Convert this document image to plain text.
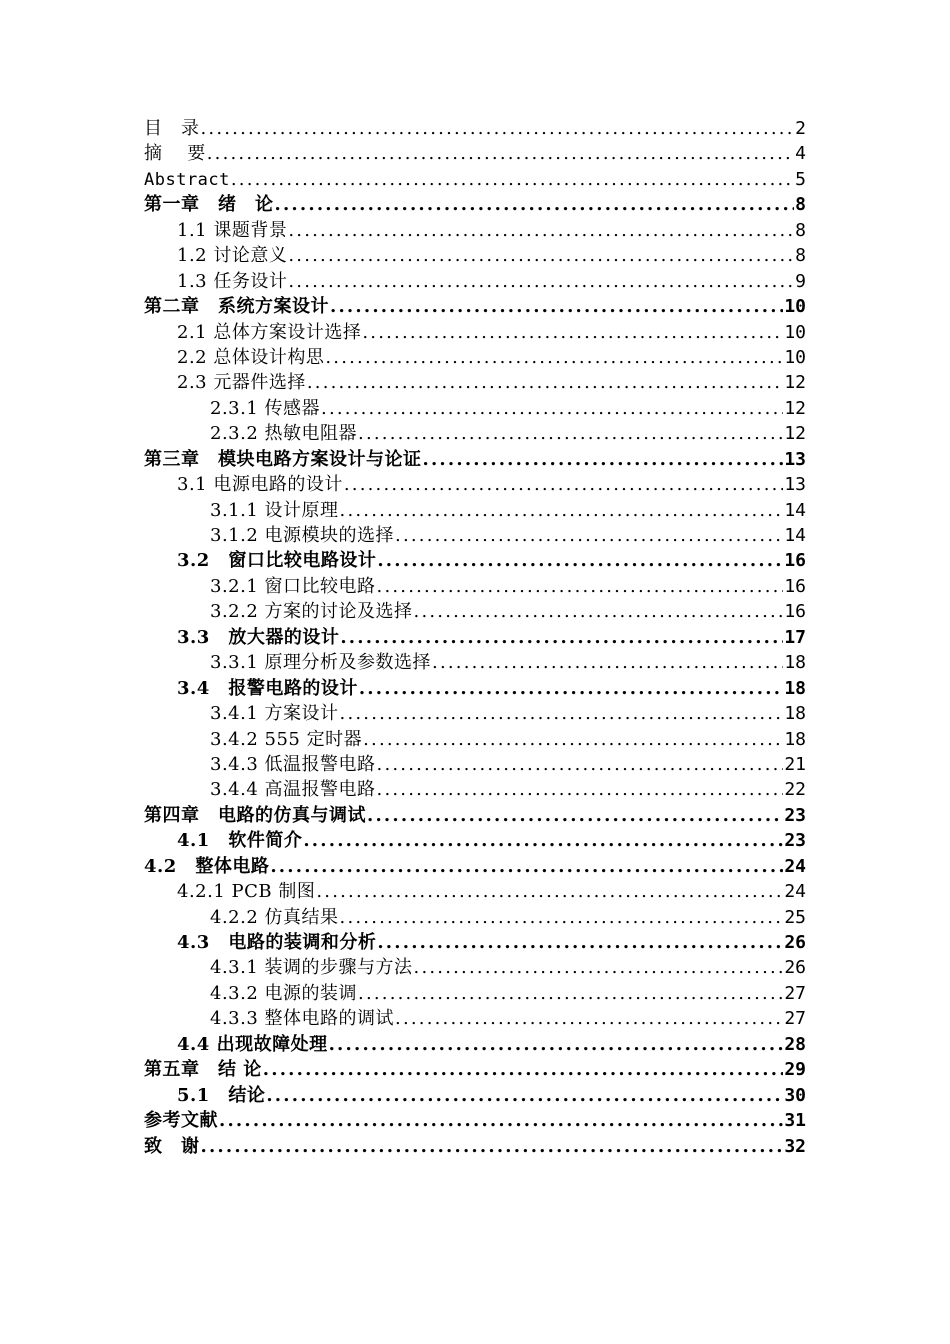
目　录 .....	2
摘　 要 .....	4
Abstract .....	5
第一章　绪　论 .....	8
1.1 课题背景 .....	8
1.2 讨论意义 .....	8
1.3 任务设计 .....	9
第二章　系统方案设计 .....	10
2.1 总体方案设计选择 .....	10
2.2 总体设计构思 .....	10
2.3 元器件选择 .....	12
2.3.1 传感器 .....	12
2.3.2 热敏电阻器 .....	12
第三章　模块电路方案设计与论证 .....	13
3.1 电源电路的设计 .....	13
3.1.1 设计原理 .....	14
3.1.2 电源模块的选择 .....	14
3.2　窗口比较电路设计 .....	16
3.2.1 窗口比较电路 .....	16
3.2.2 方案的讨论及选择 .....	16
3.3　放大器的设计 .....	17
3.3.1 原理分析及参数选择 .....	18
3.4　报警电路的设计 .....	18
3.4.1 方案设计 .....	18
3.4.2 555 定时器 .....	18
3.4.3 低温报警电路 .....	21
3.4.4 高温报警电路 .....	22
第四章　电路的仿真与调试 .....	23
4.1　软件简介 .....	23
4.2　整体电路 .....	24
4.2.1 PCB 制图 .....	24
4.2.2 仿真结果 .....	25
4.3　电路的装调和分析 .....	26
4.3.1 装调的步骤与方法 .....	26
4.3.2 电源的装调 .....	27
4.3.3 整体电路的调试 .....	27
4.4 出现故障处理 .....	28
第五章　结 论 .....	29
5.1　结论 .....	30
参考文献 .....	31
致　谢 .....	32
